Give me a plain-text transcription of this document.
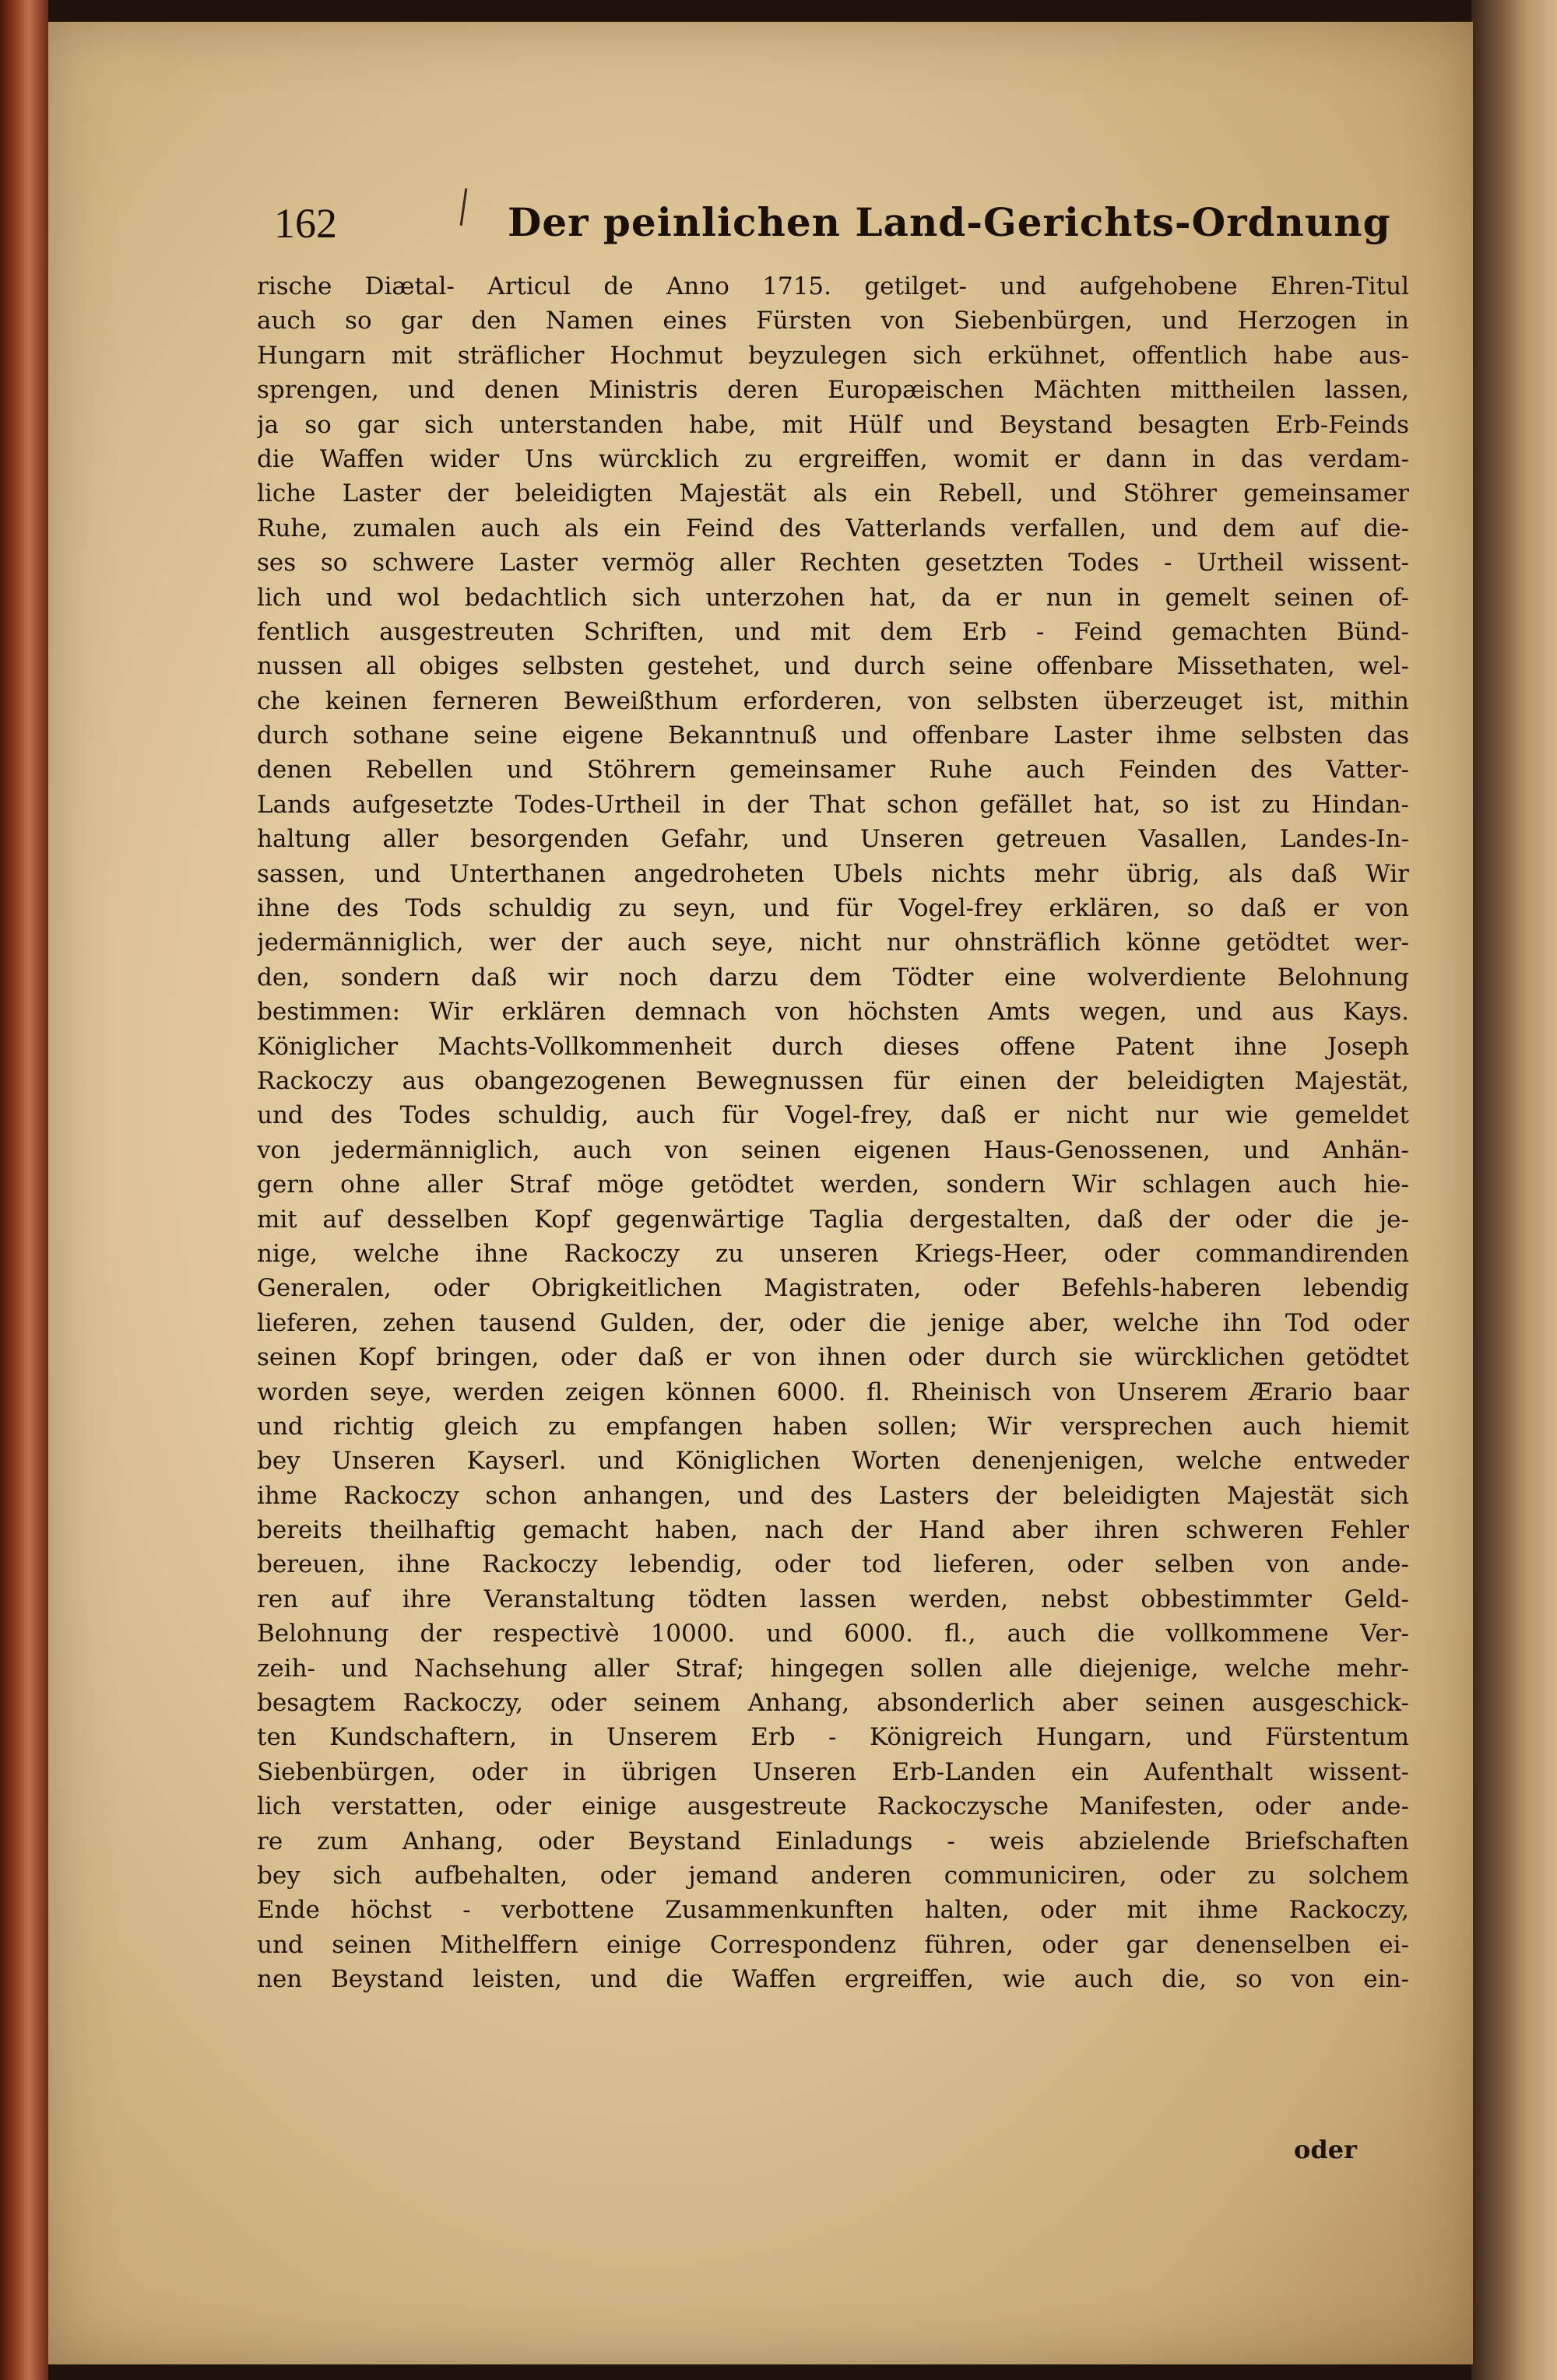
162	Der peinlichen Land-Gerichts-Ordnung
rische Diætal- Articul de Anno 1715. getilget- und aufgehobene Ehren-Titul
auch so gar den Namen eines Fürsten von Siebenbürgen, und Herzogen in
Hungarn mit sträflicher Hochmut beyzulegen sich erkühnet, offentlich habe aus-
sprengen, und denen Ministris deren Europæischen Mächten mittheilen lassen,
ja so gar sich unterstanden habe, mit Hülf und Beystand besagten Erb-Feinds
die Waffen wider Uns würcklich zu ergreiffen, womit er dann in das verdam-
liche Laster der beleidigten Majestät als ein Rebell, und Stöhrer gemeinsamer
Ruhe, zumalen auch als ein Feind des Vatterlands verfallen, und dem auf die-
ses so schwere Laster vermög aller Rechten gesetzten Todes - Urtheil wissent-
lich und wol bedachtlich sich unterzohen hat, da er nun in gemelt seinen of-
fentlich ausgestreuten Schriften, und mit dem Erb - Feind gemachten Bünd-
nussen all obiges selbsten gestehet, und durch seine offenbare Missethaten, wel-
che keinen ferneren Beweißthum erforderen, von selbsten überzeuget ist, mithin
durch sothane seine eigene Bekanntnuß und offenbare Laster ihme selbsten das
denen Rebellen und Stöhrern gemeinsamer Ruhe auch Feinden des Vatter-
Lands aufgesetzte Todes-Urtheil in der That schon gefället hat, so ist zu Hindan-
haltung aller besorgenden Gefahr, und Unseren getreuen Vasallen, Landes-In-
sassen, und Unterthanen angedroheten Ubels nichts mehr übrig, als daß Wir
ihne des Tods schuldig zu seyn, und für Vogel-frey erklären, so daß er von
jedermänniglich, wer der auch seye, nicht nur ohnsträflich könne getödtet wer-
den, sondern daß wir noch darzu dem Tödter eine wolverdiente Belohnung
bestimmen: Wir erklären demnach von höchsten Amts wegen, und aus Kays.
Königlicher Machts-Vollkommenheit durch dieses offene Patent ihne Joseph
Rackoczy aus obangezogenen Bewegnussen für einen der beleidigten Majestät,
und des Todes schuldig, auch für Vogel-frey, daß er nicht nur wie gemeldet
von jedermänniglich, auch von seinen eigenen Haus-Genossenen, und Anhän-
gern ohne aller Straf möge getödtet werden, sondern Wir schlagen auch hie-
mit auf desselben Kopf gegenwärtige Taglia dergestalten, daß der oder die je-
nige, welche ihne Rackoczy zu unseren Kriegs-Heer, oder commandirenden
Generalen, oder Obrigkeitlichen Magistraten, oder Befehls-haberen lebendig
lieferen, zehen tausend Gulden, der, oder die jenige aber, welche ihn Tod oder
seinen Kopf bringen, oder daß er von ihnen oder durch sie würcklichen getödtet
worden seye, werden zeigen können 6000. fl. Rheinisch von Unserem Ærario baar
und richtig gleich zu empfangen haben sollen; Wir versprechen auch hiemit
bey Unseren Kayserl. und Königlichen Worten denenjenigen, welche entweder
ihme Rackoczy schon anhangen, und des Lasters der beleidigten Majestät sich
bereits theilhaftig gemacht haben, nach der Hand aber ihren schweren Fehler
bereuen, ihne Rackoczy lebendig, oder tod lieferen, oder selben von ande-
ren auf ihre Veranstaltung tödten lassen werden, nebst obbestimmter Geld-
Belohnung der respectivè 10000. und 6000. fl., auch die vollkommene Ver-
zeih- und Nachsehung aller Straf; hingegen sollen alle diejenige, welche mehr-
besagtem Rackoczy, oder seinem Anhang, absonderlich aber seinen ausgeschick-
ten Kundschaftern, in Unserem Erb - Königreich Hungarn, und Fürstentum
Siebenbürgen, oder in übrigen Unseren Erb-Landen ein Aufenthalt wissent-
lich verstatten, oder einige ausgestreute Rackoczysche Manifesten, oder ande-
re zum Anhang, oder Beystand Einladungs - weis abzielende Briefschaften
bey sich aufbehalten, oder jemand anderen communiciren, oder zu solchem
Ende höchst - verbottene Zusammenkunften halten, oder mit ihme Rackoczy,
und seinen Mithelffern einige Correspondenz führen, oder gar denenselben ei-
nen Beystand leisten, und die Waffen ergreiffen, wie auch die, so von ein-
oder
